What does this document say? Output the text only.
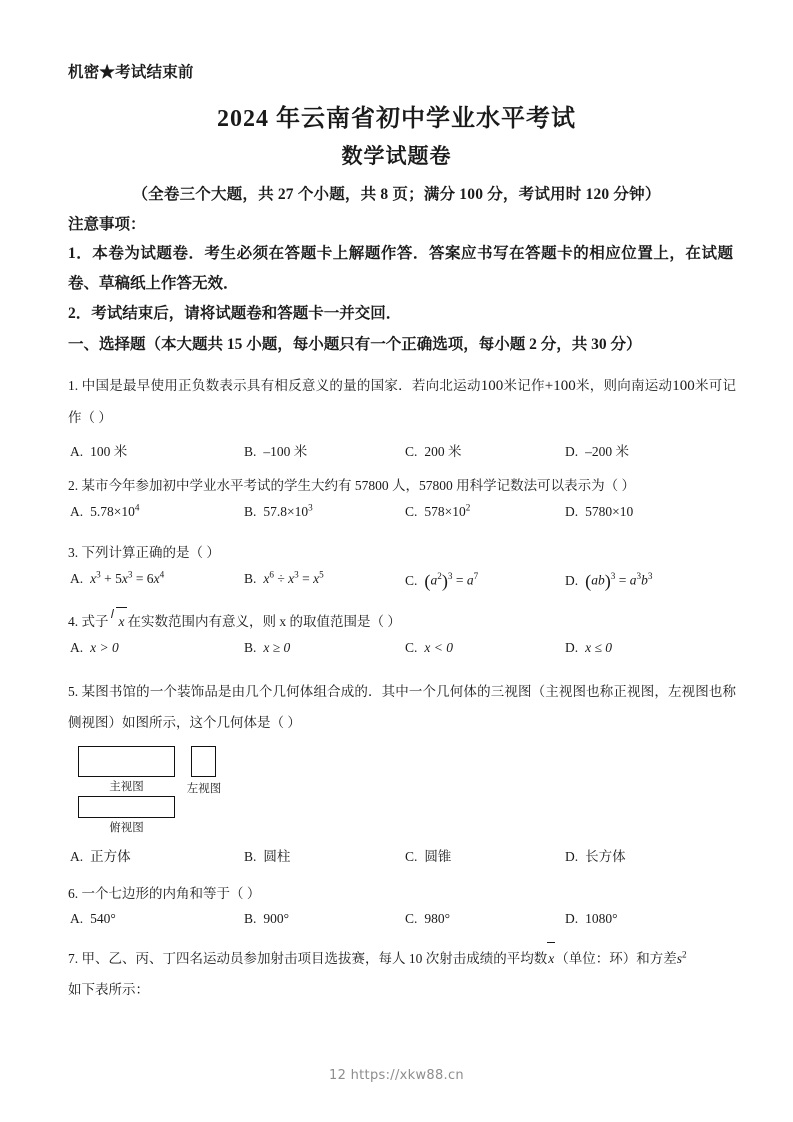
机密★考试结束前
2024 年云南省初中学业水平考试
数学试题卷
（全卷三个大题，共 27 个小题，共 8 页；满分 100 分，考试用时 120 分钟）
注意事项：

1．本卷为试题卷．考生必须在答题卡上解题作答．答案应书写在答题卡的相应位置上，在试题卷、草稿纸上作答无效．

2．考试结束后，请将试题卷和答题卡一并交回．

一、选择题（本大题共 15 小题，每小题只有一个正确选项，每小题 2 分，共 30 分）

1. 中国是最早使用正负数表示具有相反意义的量的国家．若向北运动100米记作+100米，则向南运动100米可记作（ ）

A. 100 米	B. –100 米	C. 200 米	D. –200 米

2. 某市今年参加初中学业水平考试的学生大约有 57800 人，57800 用科学记数法可以表示为（ ）

A. $5.78\times 10^4$	B. $57.8\times 10^3$	C. $578\times 10^2$	D. 5780×10

3. 下列计算正确的是（ ）

A. $x^3 + 5x^3 = 6x^4$	B. $x^6 \div x^3 = x^5$	C. $(a^2)^3 = a^7$	D. $(ab)^3 = a^3b^3$

4. 式子 x 在实数范围内有意义，则 x 的取值范围是（ ）

A. x > 0	B. x ≥ 0	C. x < 0	D. x ≤ 0

5. 某图书馆的一个装饰品是由几个几何体组合成的．其中一个几何体的三视图（主视图也称正视图，左视图也称侧视图）如图所示，这个几何体是（ ）

主视图	左视图
俯视图
A. 正方体	B. 圆柱	C. 圆锥	D. 长方体

6. 一个七边形的内角和等于（ ）

A. 540°	B. 900°	C. 980°	D. 1080°

7. 甲、乙、丙、丁四名运动员参加射击项目选拔赛，每人 10 次射击成绩的平均数x（单位：环）和方差$s^2$

如下表所示：

12 https://xkw88.cn
